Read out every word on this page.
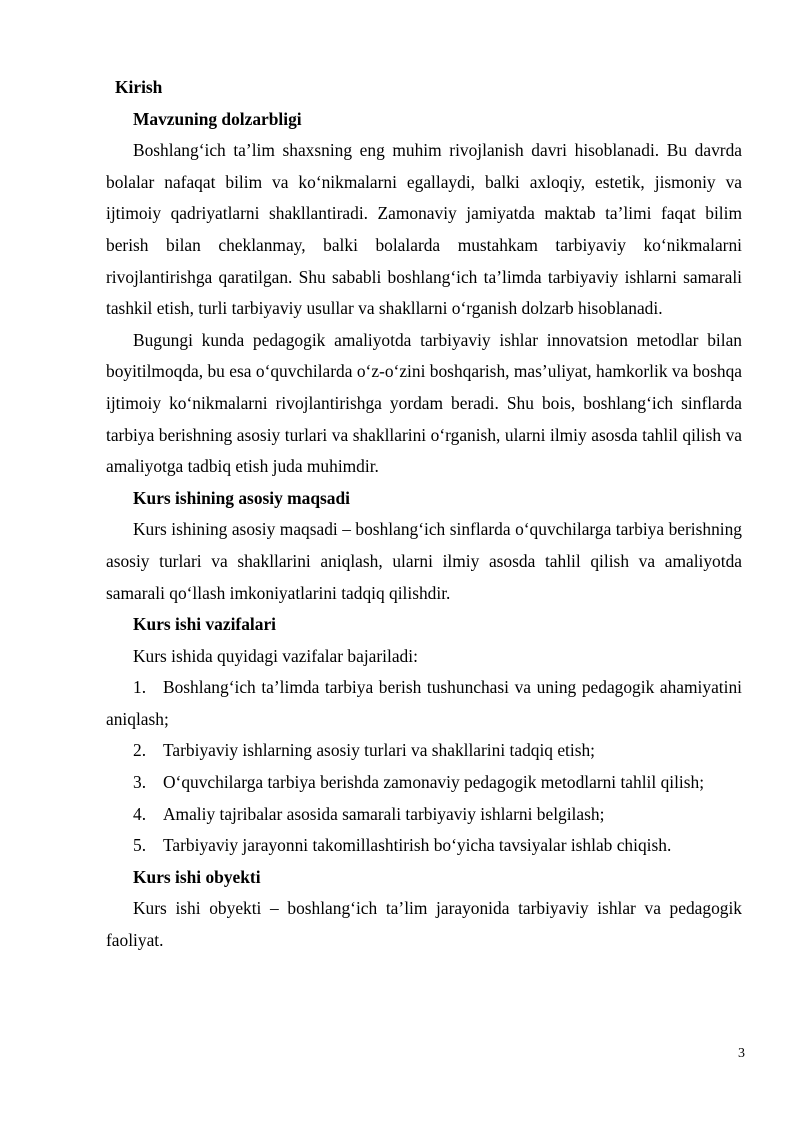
Kirish

Mavzuning dolzarbligi

Boshlang‘ich ta’lim shaxsning eng muhim rivojlanish davri hisoblanadi. Bu davrda bolalar nafaqat bilim va ko‘nikmalarni egallaydi, balki axloqiy, estetik, jismoniy va ijtimoiy qadriyatlarni shakllantiradi. Zamonaviy jamiyatda maktab ta’limi faqat bilim berish bilan cheklanmay, balki bolalarda mustahkam tarbiyaviy ko‘nikmalarni rivojlantirishga qaratilgan. Shu sababli boshlang‘ich ta’limda tarbiyaviy ishlarni samarali tashkil etish, turli tarbiyaviy usullar va shakllarni o‘rganish dolzarb hisoblanadi.

Bugungi kunda pedagogik amaliyotda tarbiyaviy ishlar innovatsion metodlar bilan boyitilmoqda, bu esa o‘quvchilarda o‘z-o‘zini boshqarish, mas’uliyat, hamkorlik va boshqa ijtimoiy ko‘nikmalarni rivojlantirishga yordam beradi. Shu bois, boshlang‘ich sinflarda tarbiya berishning asosiy turlari va shakllarini o‘rganish, ularni ilmiy asosda tahlil qilish va amaliyotga tadbiq etish juda muhimdir.

Kurs ishining asosiy maqsadi

Kurs ishining asosiy maqsadi – boshlang‘ich sinflarda o‘quvchilarga tarbiya berishning asosiy turlari va shakllarini aniqlash, ularni ilmiy asosda tahlil qilish va amaliyotda samarali qo‘llash imkoniyatlarini tadqiq qilishdir.

Kurs ishi vazifalari

Kurs ishida quyidagi vazifalar bajariladi:

1. Boshlang‘ich ta’limda tarbiya berish tushunchasi va uning pedagogik ahamiyatini aniqlash;

2. Tarbiyaviy ishlarning asosiy turlari va shakllarini tadqiq etish;

3. O‘quvchilarga tarbiya berishda zamonaviy pedagogik metodlarni tahlil qilish;

4. Amaliy tajribalar asosida samarali tarbiyaviy ishlarni belgilash;

5. Tarbiyaviy jarayonni takomillashtirish bo‘yicha tavsiyalar ishlab chiqish.

Kurs ishi obyekti

Kurs ishi obyekti – boshlang‘ich ta’lim jarayonida tarbiyaviy ishlar va pedagogik faoliyat.

3
